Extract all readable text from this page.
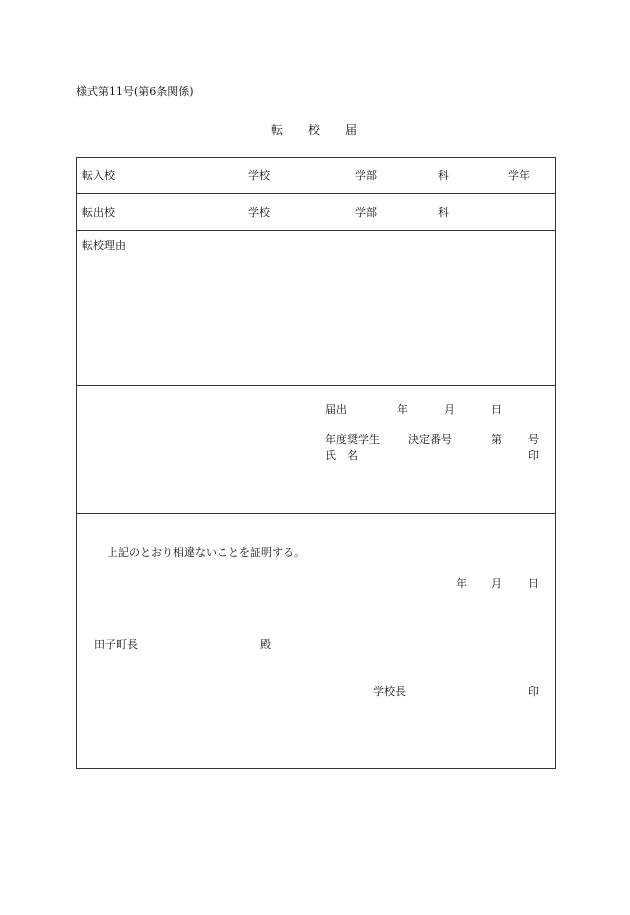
様式第11号(第6条関係)
転 校 届
転入校	学校	学部	科	学年
転出校	学校	学部	科
転校理由
届出	年	月	日
年度奨学生	決定番号	第 号
氏　名	印
上記のとおり相違ないことを証明する。
年 月 日
田子町長	殿
学校長	印
